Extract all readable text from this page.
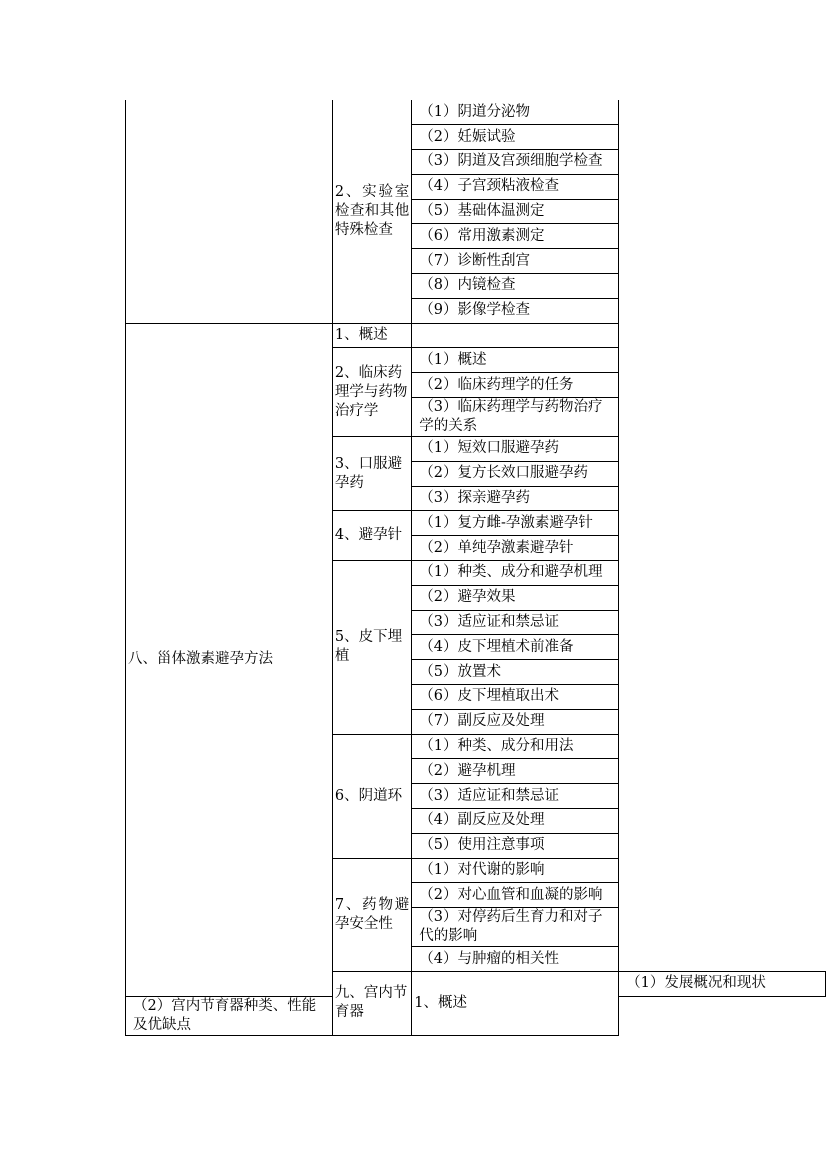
	2、实验室检查和其他特殊检查	（1）阴道分泌物	
		（2）妊娠试验	
		（3）阴道及宫颈细胞学检查	
		（4）子宫颈粘液检查	
		（5）基础体温测定	
		（6）常用激素测定	
		（7）诊断性刮宫	
		（8）内镜检查	
		（9）影像学检查	
八、甾体激素避孕方法	1、概述		
	2、临床药理学与药物治疗学	（1）概述	
		（2）临床药理学的任务	
		（3）临床药理学与药物治疗学的关系	
	3、口服避孕药	（1）短效口服避孕药	
		（2）复方长效口服避孕药	
		（3）探亲避孕药	
	4、避孕针	（1）复方雌-孕激素避孕针	
		（2）单纯孕激素避孕针	
	5、皮下埋植	（1）种类、成分和避孕机理	
		（2）避孕效果	
		（3）适应证和禁忌证	
		（4）皮下埋植术前准备	
		（5）放置术	
		（6）皮下埋植取出术	
		（7）副反应及处理	
	6、阴道环	（1）种类、成分和用法	
		（2）避孕机理	
		（3）适应证和禁忌证	
		（4）副反应及处理	
		（5）使用注意事项	
	7、药物避孕安全性	（1）对代谢的影响	
		（2）对心血管和血凝的影响	
		（3）对停药后生育力和对子代的影响	
		（4）与肿瘤的相关性	
	九、宫内节育器	1、概述	（1）发展概况和现状
（2）宫内节育器种类、性能及优缺点			
